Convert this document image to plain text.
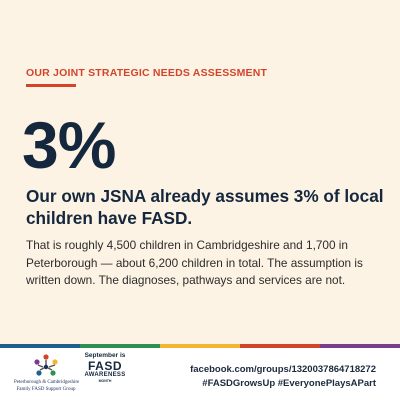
OUR JOINT STRATEGIC NEEDS ASSESSMENT
3%
Our own JSNA already assumes 3% of local children have FASD.
That is roughly 4,500 children in Cambridgeshire and 1,700 in Peterborough — about 6,200 children in total. The assumption is written down. The diagnoses, pathways and services are not.
Peterborough & Cambridgeshire
Family FASD Support Group
September is
FASD
AWARENESS
MONTH
facebook.com/groups/1320037864718272
#FASDGrowsUp #EveryonePlaysAPart
